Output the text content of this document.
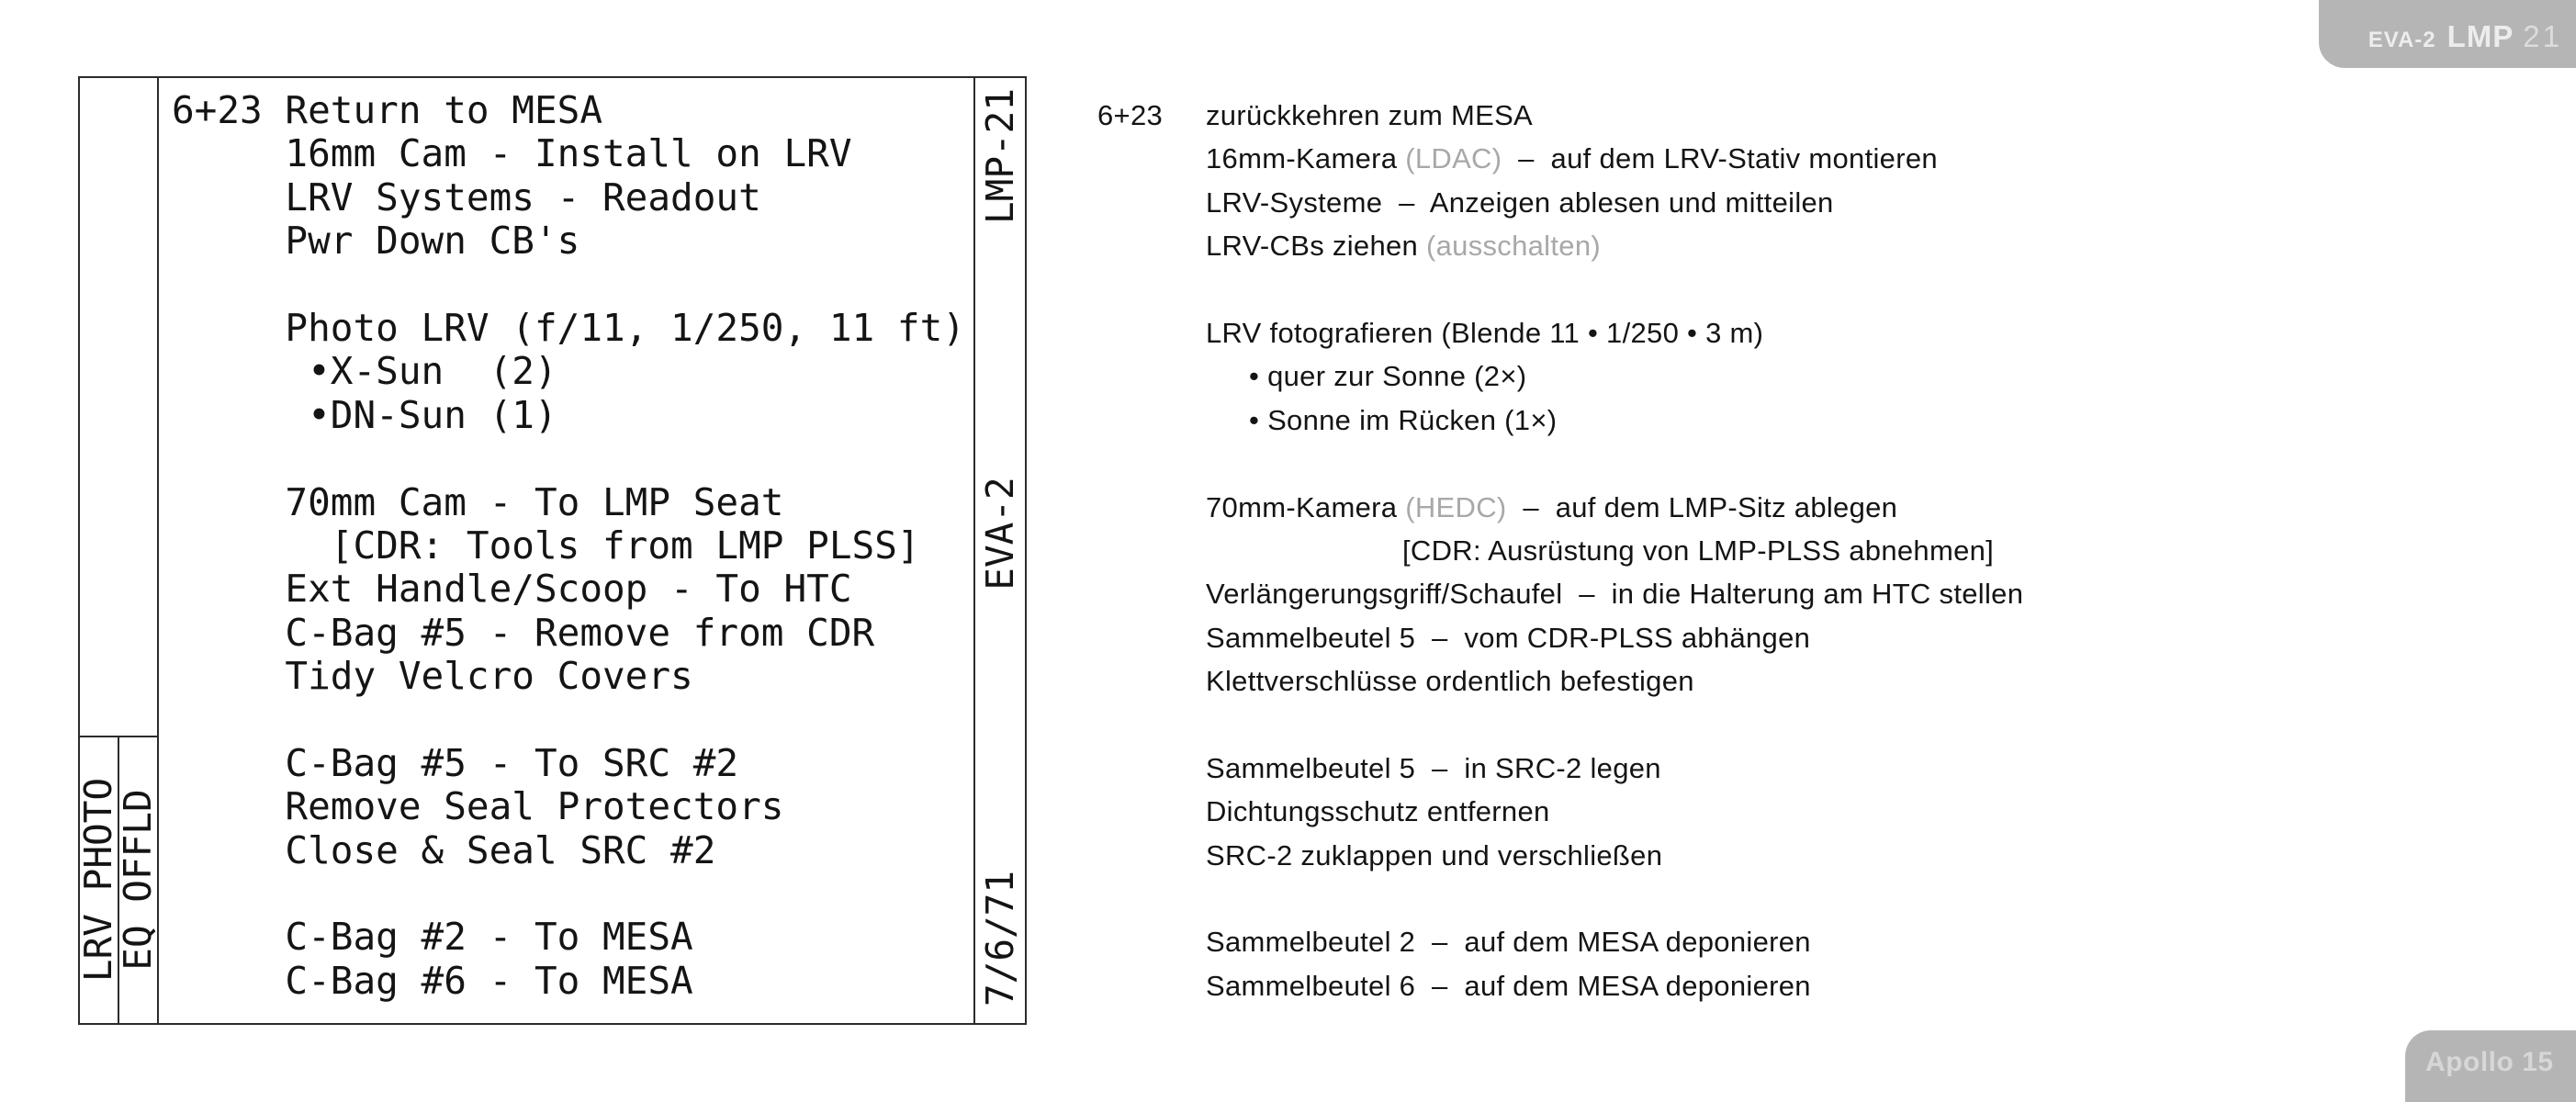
6+23 Return to MESA
16mm Cam - Install on LRV
LRV Systems - Readout
Pwr Down CB's
Photo LRV (f/11, 1/250, 11 ft)
•X-Sun  (2)
•DN-Sun (1)
70mm Cam - To LMP Seat
[CDR: Tools from LMP PLSS]
Ext Handle/Scoop - To HTC
C-Bag #5 - Remove from CDR
Tidy Velcro Covers
C-Bag #5 - To SRC #2
Remove Seal Protectors
Close & Seal SRC #2
C-Bag #2 - To MESA
C-Bag #6 - To MESA
LRV PHOTO
EQ OFFLD
LMP-21
EVA-2
7/6/71
6+23 zurückkehren zum MESA
16mm-Kamera (LDAC)  –  auf dem LRV-Stativ montieren
LRV-Systeme  –  Anzeigen ablesen und mitteilen
LRV-CBs ziehen (ausschalten)
LRV fotografieren (Blende 11 • 1/250 • 3 m)
• quer zur Sonne (2×)
• Sonne im Rücken (1×)
70mm-Kamera (HEDC)  –  auf dem LMP-Sitz ablegen
[CDR: Ausrüstung von LMP-PLSS abnehmen]
Verlängerungsgriff/Schaufel  –  in die Halterung am HTC stellen
Sammelbeutel 5  –  vom CDR-PLSS abhängen
Klettverschlüsse ordentlich befestigen
Sammelbeutel 5  –  in SRC-2 legen
Dichtungsschutz entfernen
SRC-2 zuklappen und verschließen
Sammelbeutel 2  –  auf dem MESA deponieren
Sammelbeutel 6  –  auf dem MESA deponieren
EVA-2 LMP 21
Apollo 15
